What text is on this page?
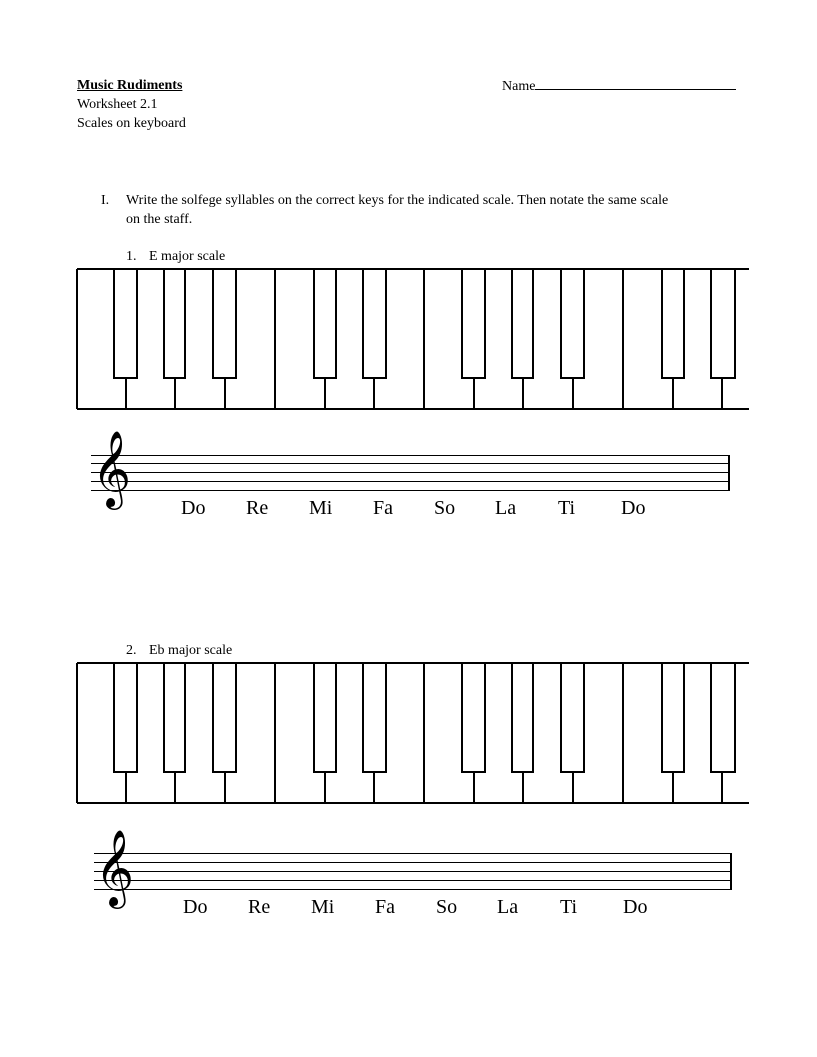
Music Rudiments
Worksheet 2.1
Scales on keyboard
Name
I. Write the solfege syllables on the correct keys for the indicated scale. Then notate the same scale
on the staff.
1. E major scale
𝄞
Do Re Mi Fa So La Ti Do
2. Eb major scale
𝄞
Do Re Mi Fa So La Ti Do
